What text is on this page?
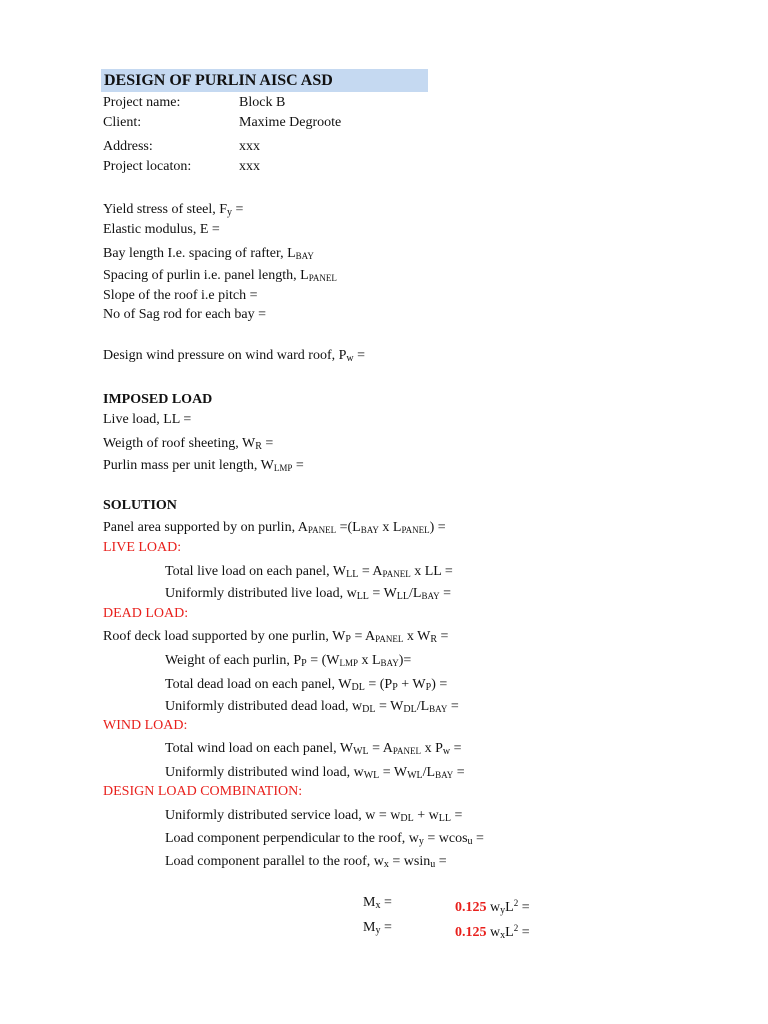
DESIGN OF PURLIN AISC ASD
Project name:	Block B
Client:	Maxime Degroote
Address:	xxx
Project locaton:	xxx
Yield stress of steel, $F_y$ =
Elastic modulus, E =
Bay length I.e. spacing of rafter, LBAY
Spacing of purlin i.e. panel length, LPANEL
Slope of the roof i.e pitch =
No of Sag rod for each bay =
Design wind pressure on wind ward roof, $P_w$ =
IMPOSED LOAD
Live load, LL =
Weigth of roof sheeting, $W_R$ =
Purlin mass per unit length, WLMP =
SOLUTION
Panel area supported by on purlin, APANEL =(LBAY x LPANEL) =
LIVE LOAD:
Total live load on each panel, $W_{LL}$ = APANEL x LL =
Uniformly distributed live load, $w_{LL}$ = $W_{LL}$/LBAY =
DEAD LOAD:
Roof deck load supported by one purlin, $W_P$ = APANEL x $W_R$ =
Weight of each purlin, $P_P$ = (WLMP x LBAY)=
Total dead load on each panel, $W_{DL} = (P_P + W_P)$ =
Uniformly distributed dead load, $w_{DL}$ = $W_{DL}$/LBAY =
WIND LOAD:
Total wind load on each panel, $W_{WL}$ = APANEL x $P_w$ =
Uniformly distributed wind load, $w_{WL}$ = $W_{WL}$/LBAY =
DESIGN LOAD COMBINATION:
Uniformly distributed service load, $w = w_{DL} + w_{LL}$ =
Load component perpendicular to the roof, $w_y = wcos_u$ =
Load component parallel to the roof, $w_x = wsin_u$ =
$M_x$ =	0.125 $w_yL^2$ =
$M_y$ =	0.125 $w_xL^2$ =
